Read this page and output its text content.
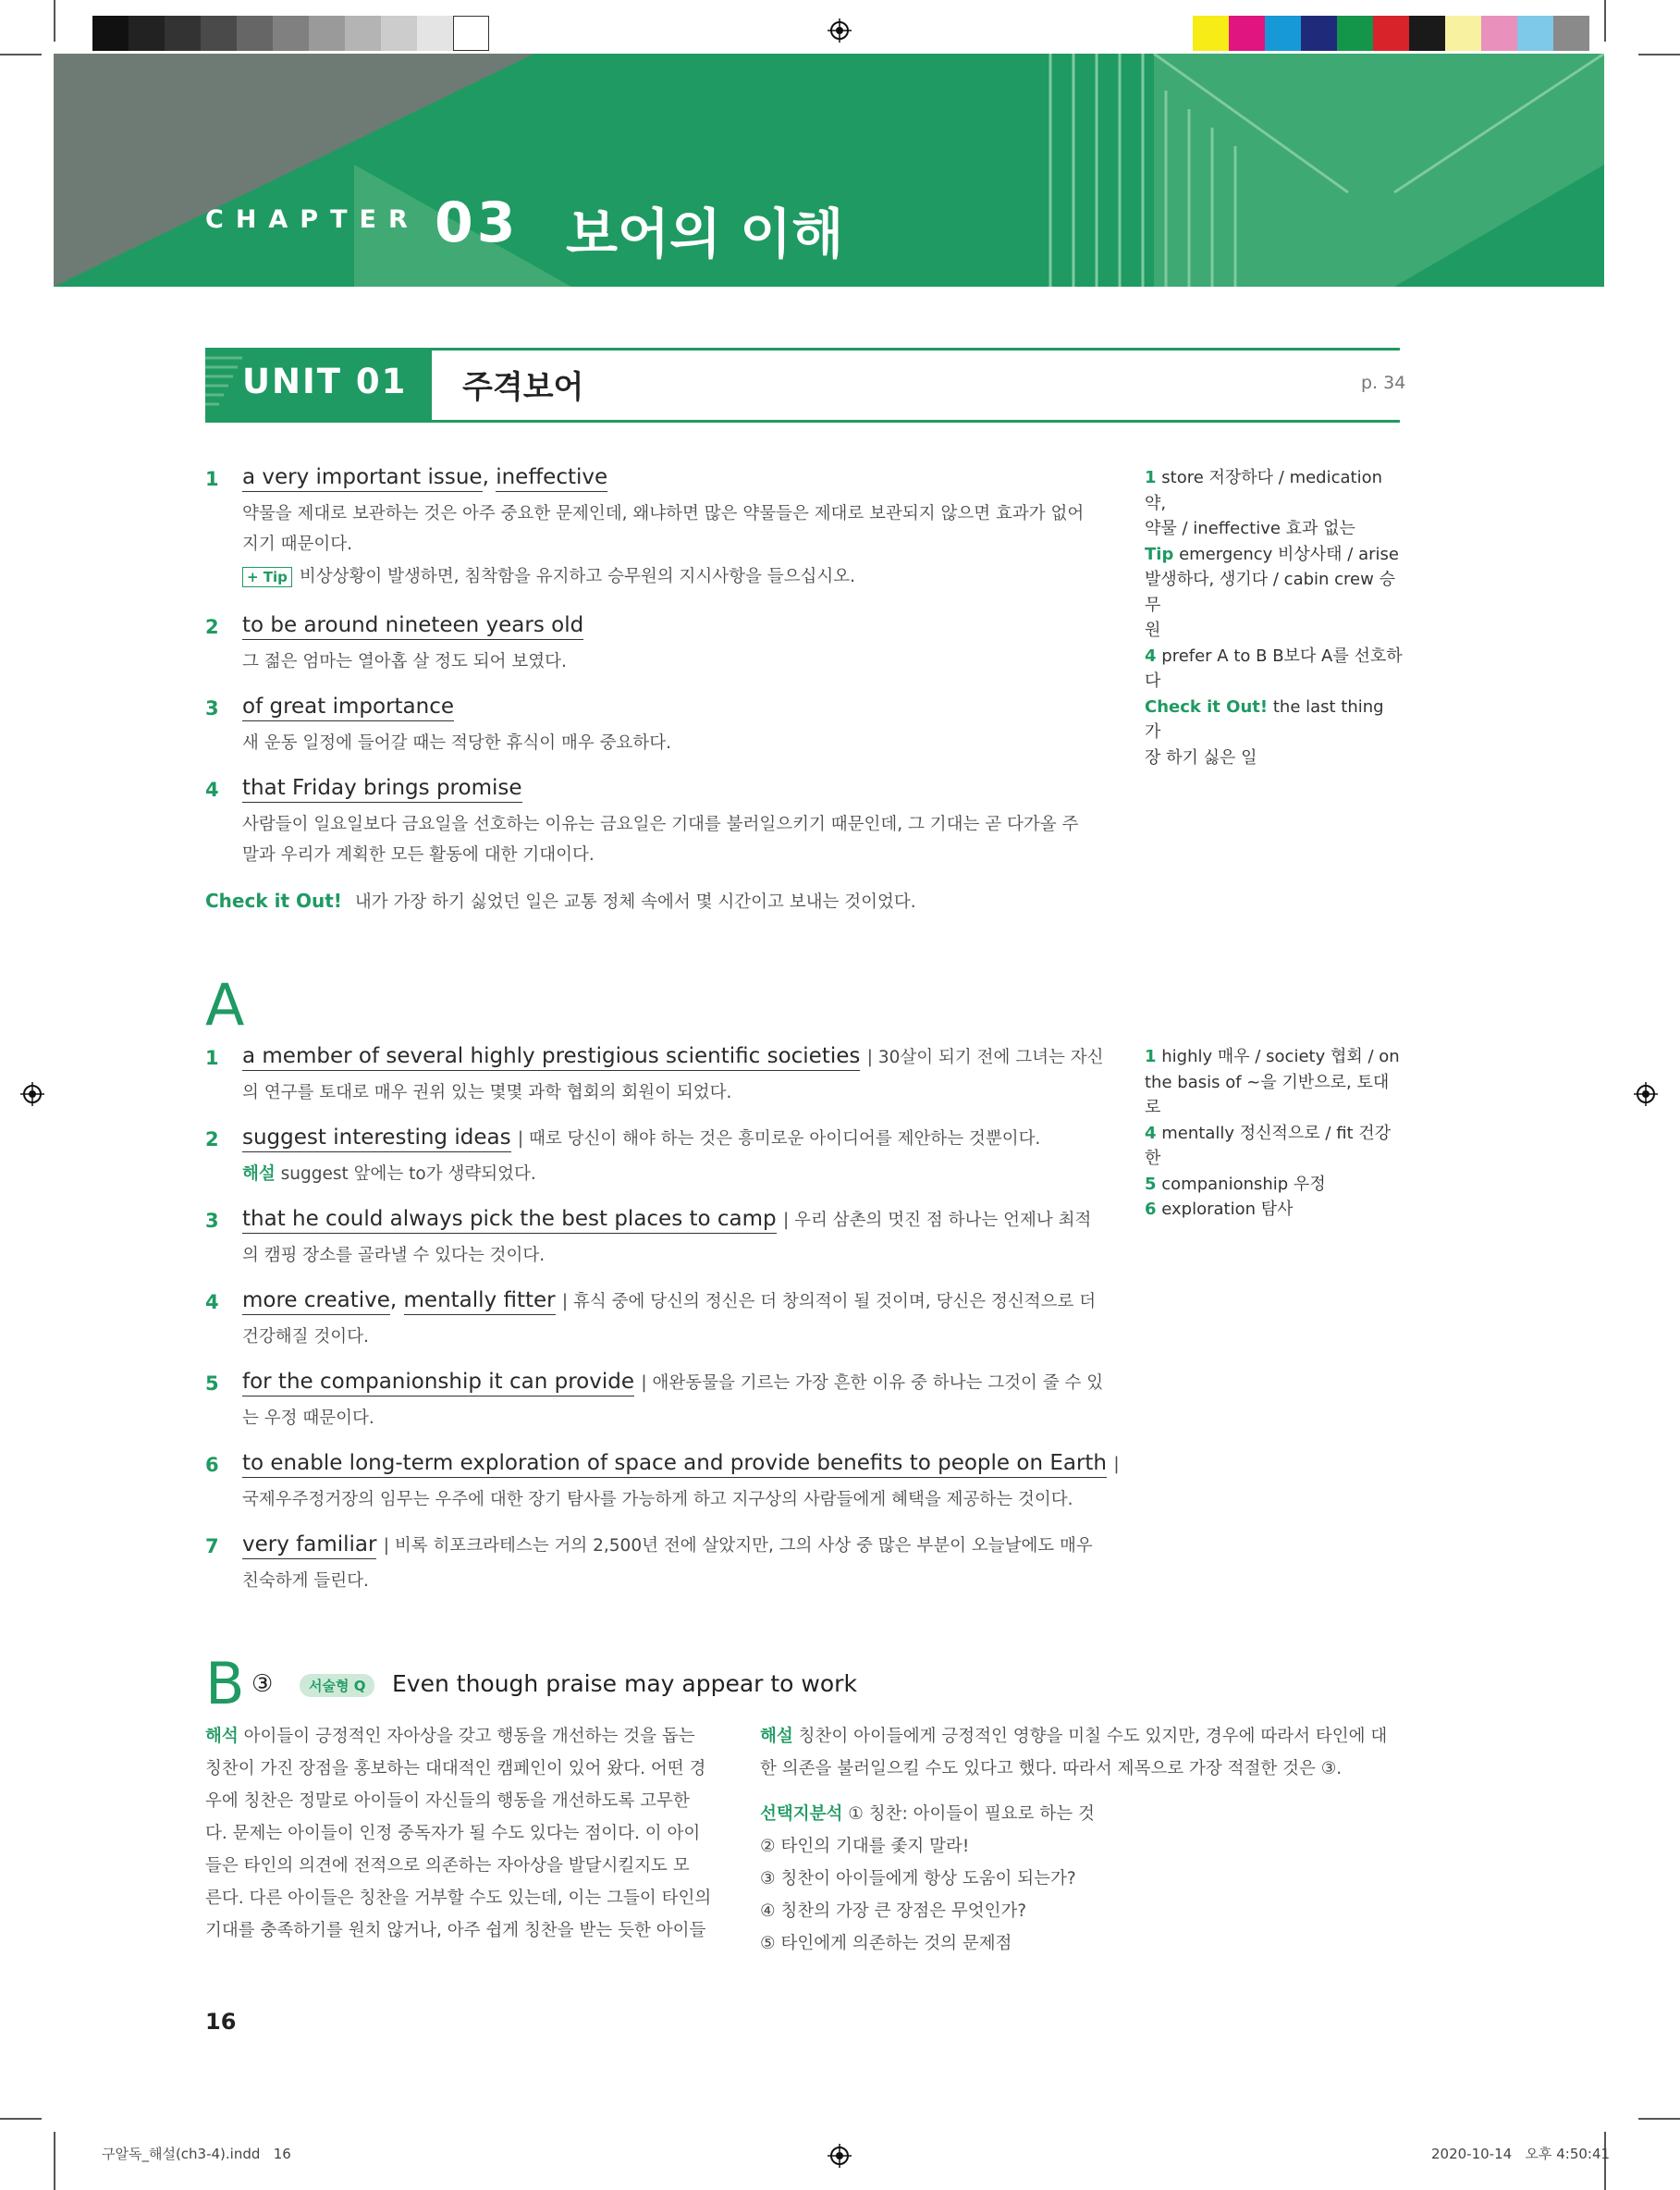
CHAPTER 03 보어의 이해
UNIT 01 주격보어	p. 34
1 a very important issue, ineffective
약물을 제대로 보관하는 것은 아주 중요한 문제인데, 왜냐하면 많은 약물들은 제대로 보관되지 않으면 효과가 없어
지기 때문이다.
+ Tip 비상상황이 발생하면, 침착함을 유지하고 승무원의 지시사항을 들으십시오.
2 to be around nineteen years old
그 젊은 엄마는 열아홉 살 정도 되어 보였다.
3 of great importance
새 운동 일정에 들어갈 때는 적당한 휴식이 매우 중요하다.
4 that Friday brings promise
사람들이 일요일보다 금요일을 선호하는 이유는 금요일은 기대를 불러일으키기 때문인데, 그 기대는 곧 다가올 주
말과 우리가 계획한 모든 활동에 대한 기대이다.
Check it Out! 내가 가장 하기 싫었던 일은 교통 정체 속에서 몇 시간이고 보내는 것이었다.
1 store 저장하다 / medication 약,
약물 / ineffective 효과 없는
Tip emergency 비상사태 / arise
발생하다, 생기다 / cabin crew 승무
원
4 prefer A to B B보다 A를 선호하다
Check it Out! the last thing 가
장 하기 싫은 일
A
1 a member of several highly prestigious scientific societies | 30살이 되기 전에 그녀는 자신
의 연구를 토대로 매우 권위 있는 몇몇 과학 협회의 회원이 되었다.
2 suggest interesting ideas | 때로 당신이 해야 하는 것은 흥미로운 아이디어를 제안하는 것뿐이다.
해설 suggest 앞에는 to가 생략되었다.
3 that he could always pick the best places to camp | 우리 삼촌의 멋진 점 하나는 언제나 최적
의 캠핑 장소를 골라낼 수 있다는 것이다.
4 more creative, mentally fitter | 휴식 중에 당신의 정신은 더 창의적이 될 것이며, 당신은 정신적으로 더
건강해질 것이다.
5 for the companionship it can provide | 애완동물을 기르는 가장 흔한 이유 중 하나는 그것이 줄 수 있
는 우정 때문이다.
6 to enable long-term exploration of space and provide benefits to people on Earth |
국제우주정거장의 임무는 우주에 대한 장기 탐사를 가능하게 하고 지구상의 사람들에게 혜택을 제공하는 것이다.
7 very familiar | 비록 히포크라테스는 거의 2,500년 전에 살았지만, 그의 사상 중 많은 부분이 오늘날에도 매우
친숙하게 들린다.
1 highly 매우 / society 협회 / on
the basis of ~을 기반으로, 토대로
4 mentally 정신적으로 / fit 건강한
5 companionship 우정
6 exploration 탐사
B ③	서술형 Q	Even though praise may appear to work
해석 아이들이 긍정적인 자아상을 갖고 행동을 개선하는 것을 돕는
칭찬이 가진 장점을 홍보하는 대대적인 캠페인이 있어 왔다. 어떤 경
우에 칭찬은 정말로 아이들이 자신들의 행동을 개선하도록 고무한
다. 문제는 아이들이 인정 중독자가 될 수도 있다는 점이다. 이 아이
들은 타인의 의견에 전적으로 의존하는 자아상을 발달시킬지도 모
른다. 다른 아이들은 칭찬을 거부할 수도 있는데, 이는 그들이 타인의
기대를 충족하기를 원치 않거나, 아주 쉽게 칭찬을 받는 듯한 아이들
해설 칭찬이 아이들에게 긍정적인 영향을 미칠 수도 있지만, 경우에 따라서 타인에 대
한 의존을 불러일으킬 수도 있다고 했다. 따라서 제목으로 가장 적절한 것은 ③.
선택지분석 ① 칭찬: 아이들이 필요로 하는 것
② 타인의 기대를 좇지 말라!
③ 칭찬이 아이들에게 항상 도움이 되는가?
④ 칭찬의 가장 큰 장점은 무엇인가?
⑤ 타인에게 의존하는 것의 문제점
16
구알독_해설(ch3-4).indd   16	2020-10-14   오후 4:50:41
